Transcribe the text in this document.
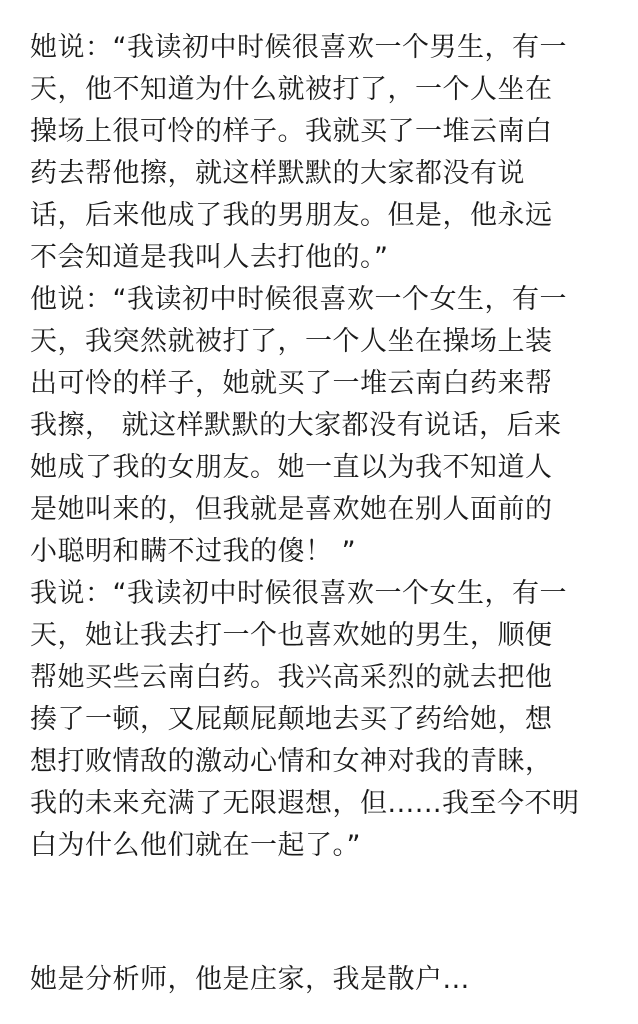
她说：“我读初中时候很喜欢一个男生，有一
天，他不知道为什么就被打了，一个人坐在
操场上很可怜的样子。我就买了一堆云南白
药去帮他擦，就这样默默的大家都没有说
话，后来他成了我的男朋友。但是，他永远
不会知道是我叫人去打他的。”

他说：“我读初中时候很喜欢一个女生，有一
天，我突然就被打了，一个人坐在操场上装
出可怜的样子，她就买了一堆云南白药来帮
我擦， 就这样默默的大家都没有说话，后来
她成了我的女朋友。她一直以为我不知道人
是她叫来的，但我就是喜欢她在别人面前的
小聪明和瞒不过我的傻！ ”

我说：“我读初中时候很喜欢一个女生，有一
天，她让我去打一个也喜欢她的男生，顺便
帮她买些云南白药。我兴高采烈的就去把他
揍了一顿，又屁颠屁颠地去买了药给她，想
想打败情敌的激动心情和女神对我的青睐，
我的未来充满了无限遐想，但......我至今不明
白为什么他们就在一起了。”

她是分析师，他是庄家，我是散户...
